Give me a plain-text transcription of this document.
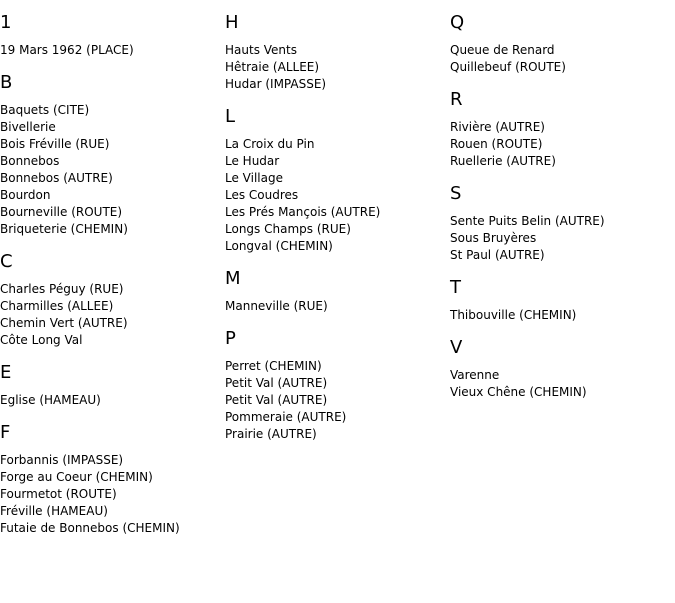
1
19 Mars 1962 (PLACE)
B
Baquets (CITE)
Bivellerie
Bois Fréville (RUE)
Bonnebos
Bonnebos (AUTRE)
Bourdon
Bourneville (ROUTE)
Briqueterie (CHEMIN)
C
Charles Péguy (RUE)
Charmilles (ALLEE)
Chemin Vert (AUTRE)
Côte Long Val
E
Eglise (HAMEAU)
F
Forbannis (IMPASSE)
Forge au Coeur (CHEMIN)
Fourmetot (ROUTE)
Fréville (HAMEAU)
Futaie de Bonnebos (CHEMIN)
H
Hauts Vents
Hêtraie (ALLEE)
Hudar (IMPASSE)
L
La Croix du Pin
Le Hudar
Le Village
Les Coudres
Les Prés Mançois (AUTRE)
Longs Champs (RUE)
Longval (CHEMIN)
M
Manneville (RUE)
P
Perret (CHEMIN)
Petit Val (AUTRE)
Petit Val (AUTRE)
Pommeraie (AUTRE)
Prairie (AUTRE)
Q
Queue de Renard
Quillebeuf (ROUTE)
R
Rivière (AUTRE)
Rouen (ROUTE)
Ruellerie (AUTRE)
S
Sente Puits Belin (AUTRE)
Sous Bruyères
St Paul (AUTRE)
T
Thibouville (CHEMIN)
V
Varenne
Vieux Chêne (CHEMIN)
